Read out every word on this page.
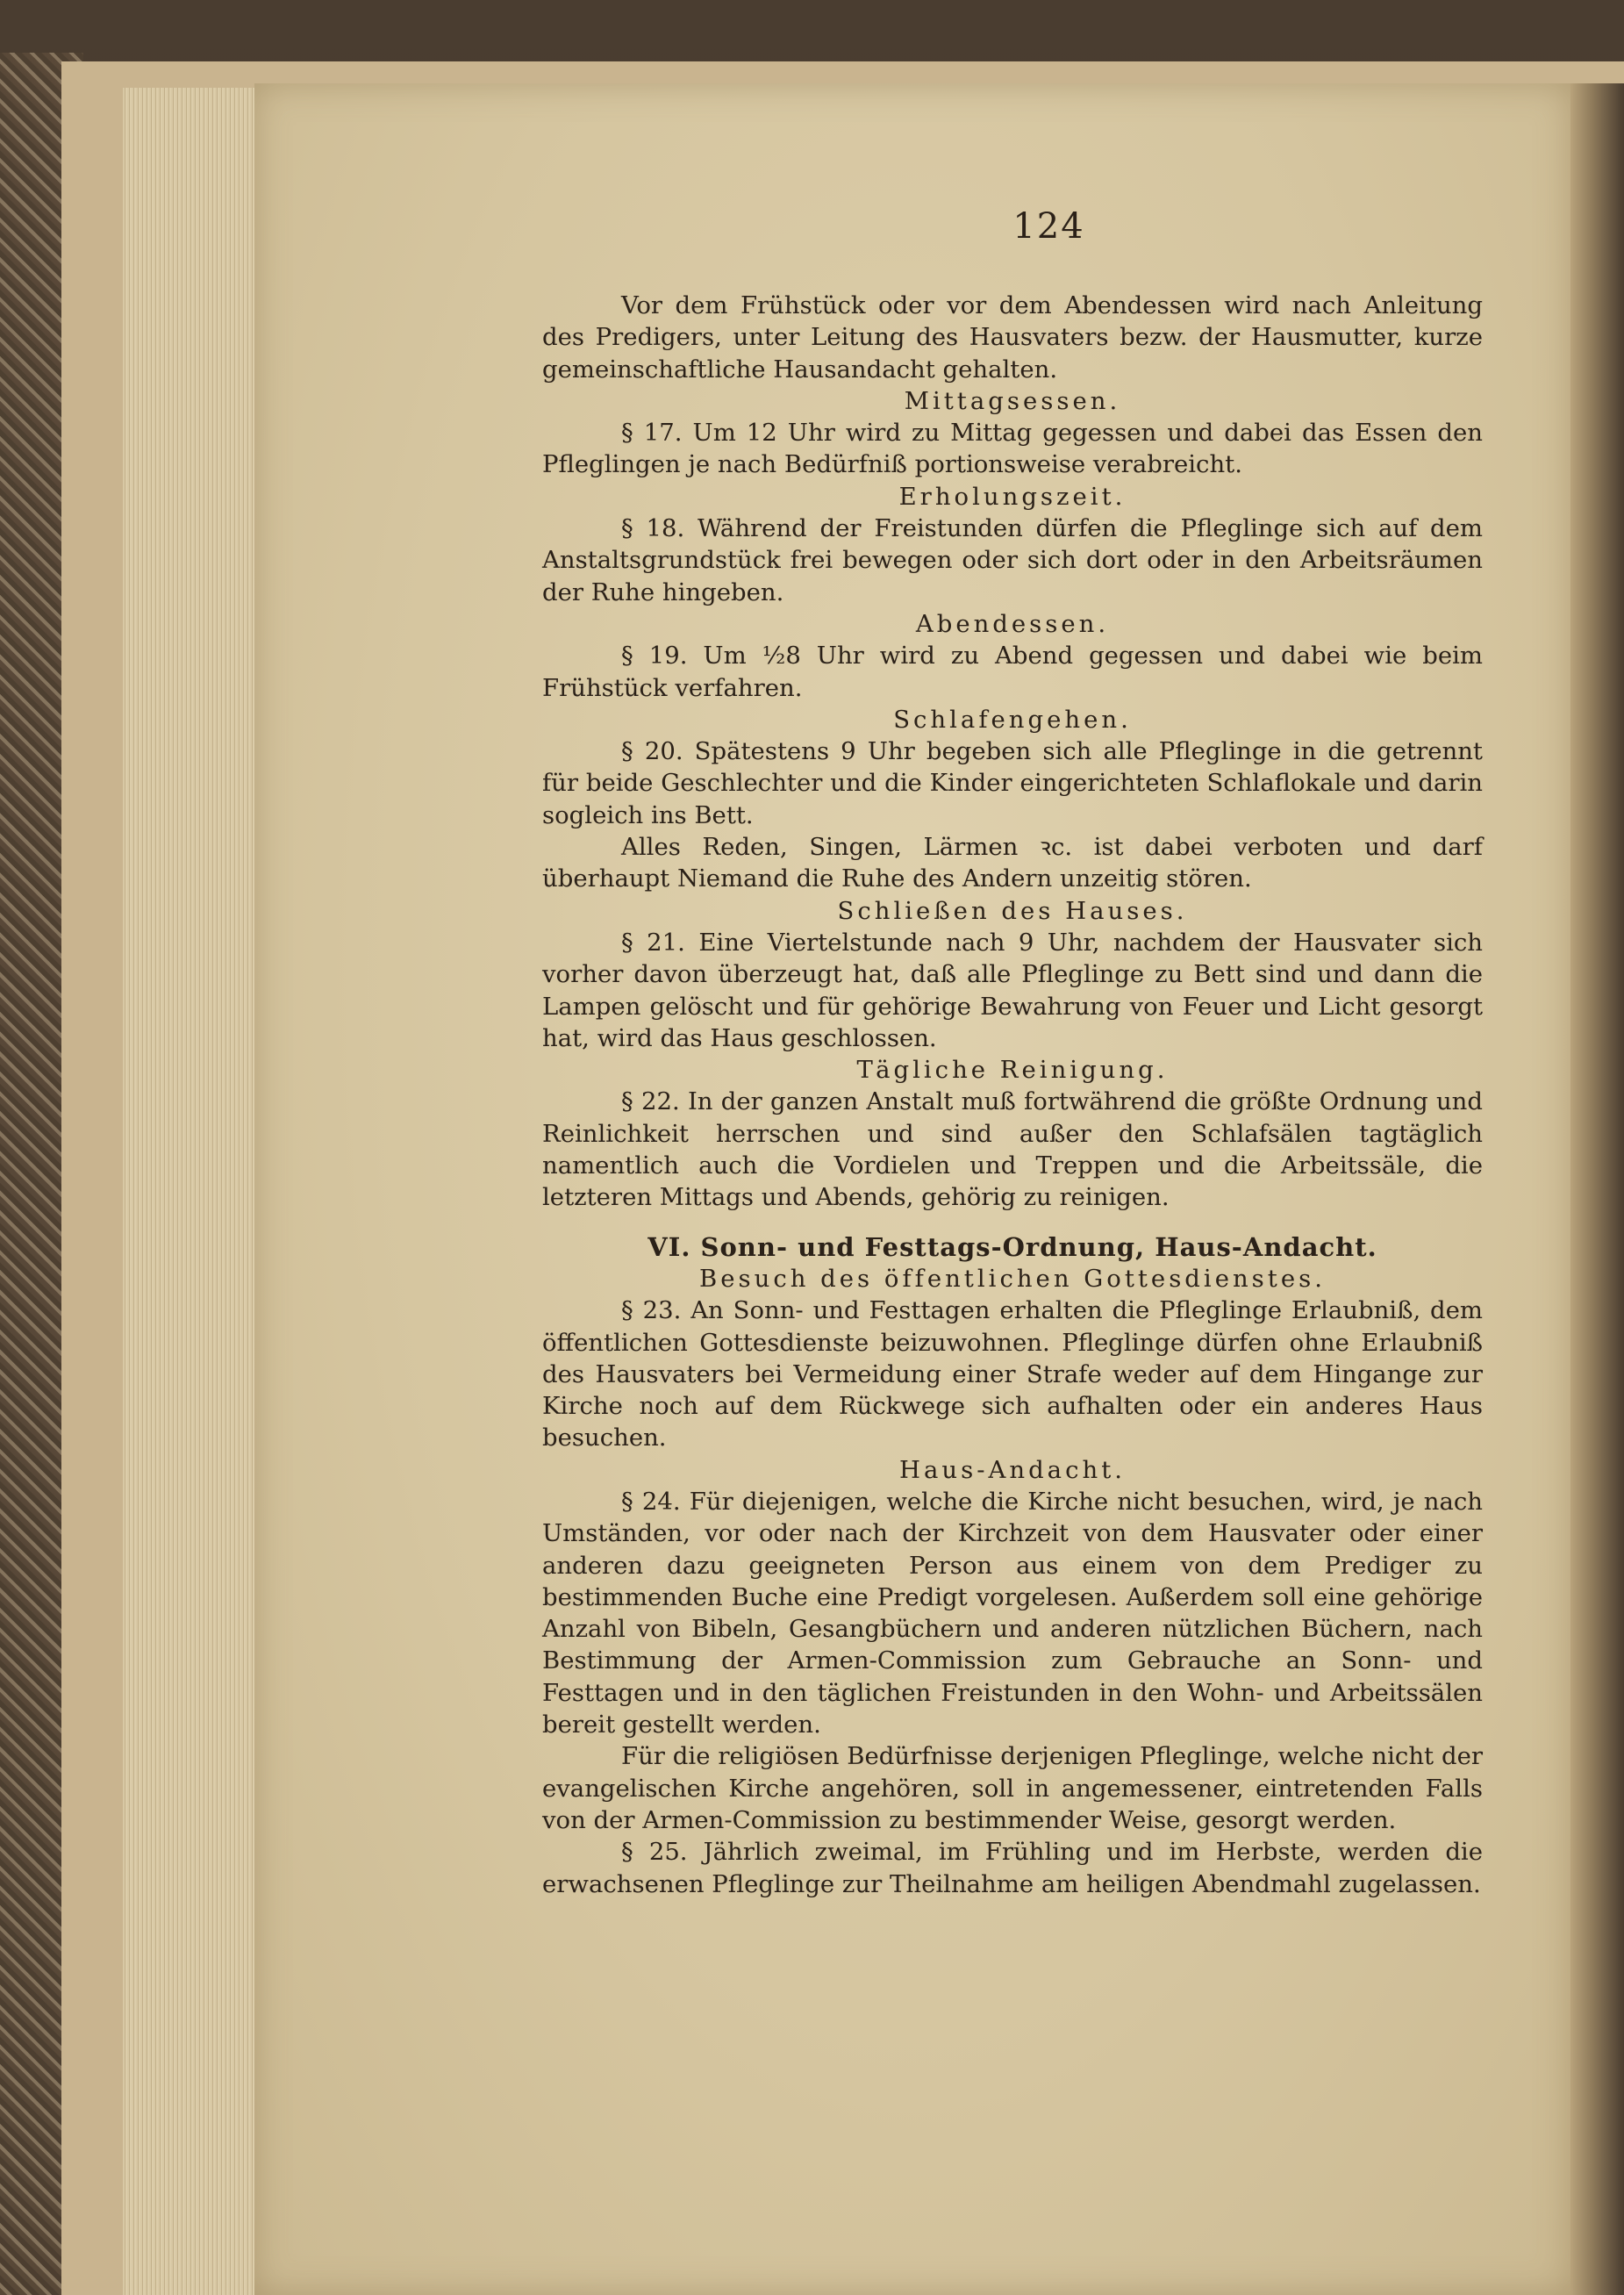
124

Vor dem Frühstück oder vor dem Abendessen wird nach Anleitung des Predigers, unter Leitung des Hausvaters bezw. der Hausmutter, kurze gemeinschaftliche Hausandacht gehalten.

Mittagsessen.

§ 17. Um 12 Uhr wird zu Mittag gegessen und dabei das Essen den Pfleglingen je nach Bedürfniß portionsweise verabreicht.

Erholungszeit.

§ 18. Während der Freistunden dürfen die Pfleglinge sich auf dem Anstaltsgrundstück frei bewegen oder sich dort oder in den Arbeitsräumen der Ruhe hingeben.

Abendessen.

§ 19. Um ½8 Uhr wird zu Abend gegessen und dabei wie beim Frühstück verfahren.

Schlafengehen.

§ 20. Spätestens 9 Uhr begeben sich alle Pfleglinge in die getrennt für beide Geschlechter und die Kinder eingerichteten Schlaflokale und darin sogleich ins Bett.

Alles Reden, Singen, Lärmen ꝛc. ist dabei verboten und darf überhaupt Niemand die Ruhe des Andern unzeitig stören.

Schließen des Hauses.

§ 21. Eine Viertelstunde nach 9 Uhr, nachdem der Hausvater sich vorher davon überzeugt hat, daß alle Pfleglinge zu Bett sind und dann die Lampen gelöscht und für gehörige Bewahrung von Feuer und Licht gesorgt hat, wird das Haus geschlossen.

Tägliche Reinigung.

§ 22. In der ganzen Anstalt muß fortwährend die größte Ordnung und Reinlichkeit herrschen und sind außer den Schlafsälen tagtäglich namentlich auch die Vordielen und Treppen und die Arbeitssäle, die letzteren Mittags und Abends, gehörig zu reinigen.

VI. Sonn- und Festtags-Ordnung, Haus-Andacht.
Besuch des öffentlichen Gottesdienstes.

§ 23. An Sonn- und Festtagen erhalten die Pfleglinge Erlaubniß, dem öffentlichen Gottesdienste beizuwohnen. Pfleglinge dürfen ohne Erlaubniß des Hausvaters bei Vermeidung einer Strafe weder auf dem Hingange zur Kirche noch auf dem Rückwege sich aufhalten oder ein anderes Haus besuchen.

Haus-Andacht.

§ 24. Für diejenigen, welche die Kirche nicht besuchen, wird, je nach Umständen, vor oder nach der Kirchzeit von dem Hausvater oder einer anderen dazu geeigneten Person aus einem von dem Prediger zu bestimmenden Buche eine Predigt vorgelesen. Außerdem soll eine gehörige Anzahl von Bibeln, Gesangbüchern und anderen nützlichen Büchern, nach Bestimmung der Armen-Commission zum Gebrauche an Sonn- und Festtagen und in den täglichen Freistunden in den Wohn- und Arbeitssälen bereit gestellt werden.

Für die religiösen Bedürfnisse derjenigen Pfleglinge, welche nicht der evangelischen Kirche angehören, soll in angemessener, eintretenden Falls von der Armen-Commission zu bestimmender Weise, gesorgt werden.

§ 25. Jährlich zweimal, im Frühling und im Herbste, werden die erwachsenen Pfleglinge zur Theilnahme am heiligen Abendmahl zugelassen.
